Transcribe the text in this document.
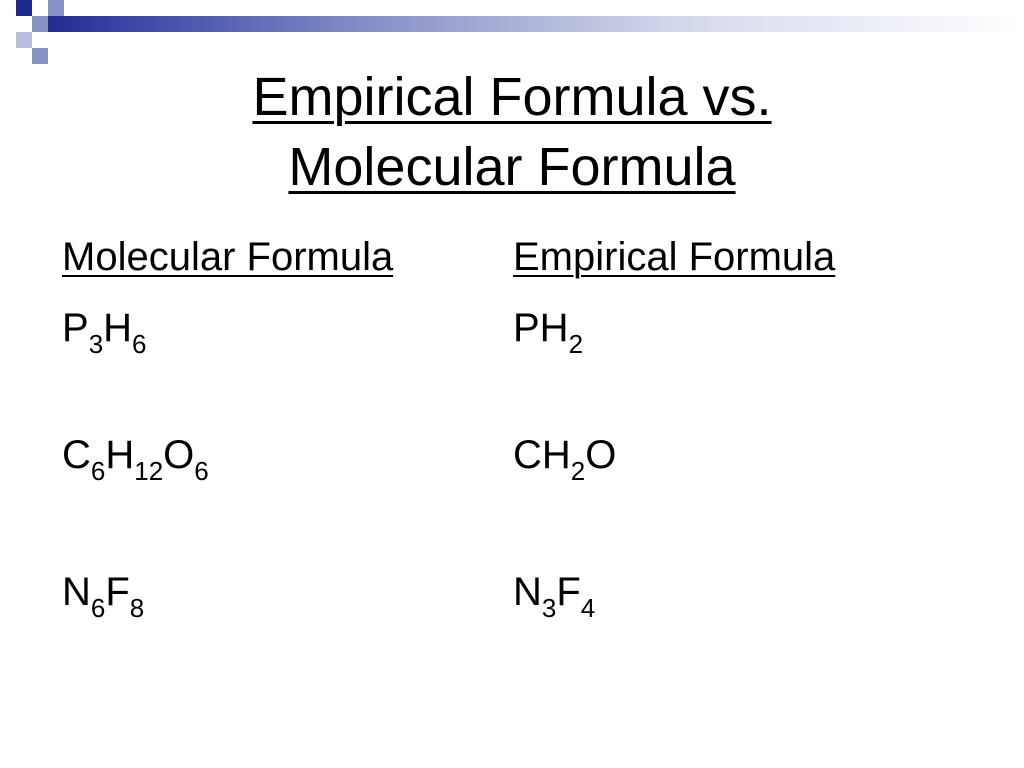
Empirical Formula vs.
Molecular Formula
Molecular Formula
$P_3H_6$
$C_6H_{12}O_6$
$N_6F_8$
Empirical Formula
$PH_2$
$CH_2O$
$N_3F_4$
